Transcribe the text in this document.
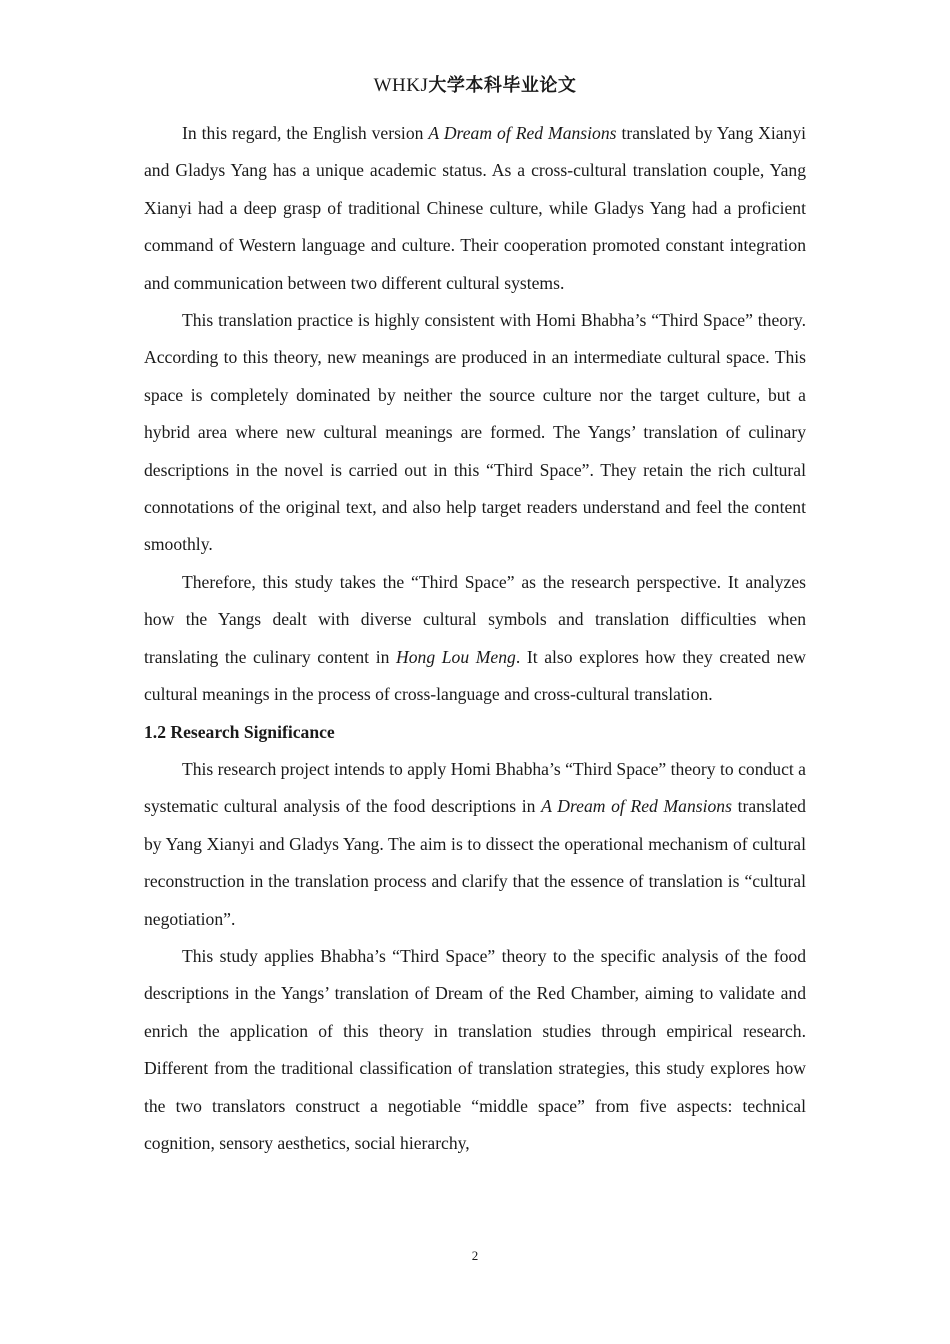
WHKJ大学本科毕业论文

In this regard, the English version A Dream of Red Mansions translated by Yang Xianyi and Gladys Yang has a unique academic status. As a cross-cultural translation couple, Yang Xianyi had a deep grasp of traditional Chinese culture, while Gladys Yang had a proficient command of Western language and culture. Their cooperation promoted constant integration and communication between two different cultural systems.

This translation practice is highly consistent with Homi Bhabha’s “Third Space” theory. According to this theory, new meanings are produced in an intermediate cultural space. This space is completely dominated by neither the source culture nor the target culture, but a hybrid area where new cultural meanings are formed. The Yangs’ translation of culinary descriptions in the novel is carried out in this “Third Space”. They retain the rich cultural connotations of the original text, and also help target readers understand and feel the content smoothly.

Therefore, this study takes the “Third Space” as the research perspective. It analyzes how the Yangs dealt with diverse cultural symbols and translation difficulties when translating the culinary content in Hong Lou Meng. It also explores how they created new cultural meanings in the process of cross-language and cross-cultural translation.

1.2 Research Significance

This research project intends to apply Homi Bhabha’s “Third Space” theory to conduct a systematic cultural analysis of the food descriptions in A Dream of Red Mansions translated by Yang Xianyi and Gladys Yang. The aim is to dissect the operational mechanism of cultural reconstruction in the translation process and clarify that the essence of translation is “cultural negotiation”.

This study applies Bhabha’s “Third Space” theory to the specific analysis of the food descriptions in the Yangs’ translation of Dream of the Red Chamber, aiming to validate and enrich the application of this theory in translation studies through empirical research. Different from the traditional classification of translation strategies, this study explores how the two translators construct a negotiable “middle space” from five aspects: technical cognition, sensory aesthetics, social hierarchy,

2
